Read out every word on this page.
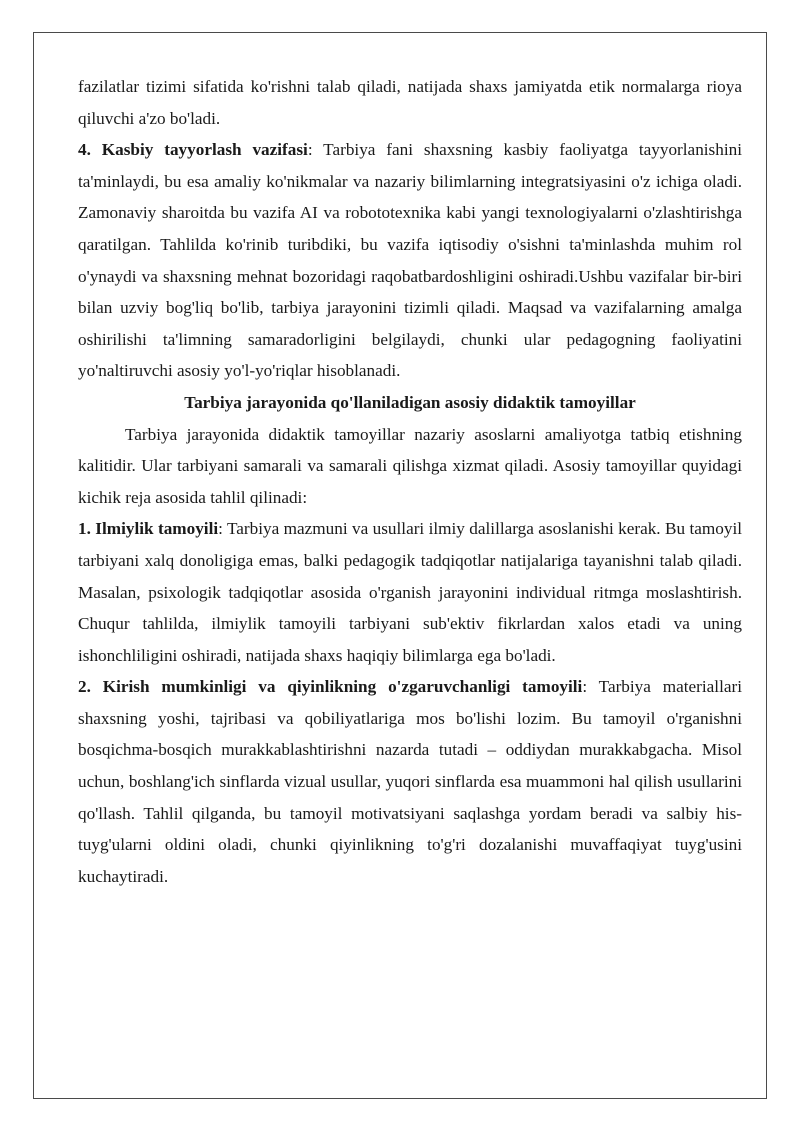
fazilatlar tizimi sifatida ko'rishni talab qiladi, natijada shaxs jamiyatda etik normalarga rioya qiluvchi a'zo bo'ladi.

4. Kasbiy tayyorlash vazifasi: Tarbiya fani shaxsning kasbiy faoliyatga tayyorlanishini ta'minlaydi, bu esa amaliy ko'nikmalar va nazariy bilimlarning integratsiyasini o'z ichiga oladi. Zamonaviy sharoitda bu vazifa AI va robototexnika kabi yangi texnologiyalarni o'zlashtirishga qaratilgan. Tahlilda ko'rinib turibdiki, bu vazifa iqtisodiy o'sishni ta'minlashda muhim rol o'ynaydi va shaxsning mehnat bozoridagi raqobatbardoshligini oshiradi.Ushbu vazifalar bir-biri bilan uzviy bog'liq bo'lib, tarbiya jarayonini tizimli qiladi. Maqsad va vazifalarning amalga oshirilishi ta'limning samaradorligini belgilaydi, chunki ular pedagogning faoliyatini yo'naltiruvchi asosiy yo'l-yo'riqlar hisoblanadi.

Tarbiya jarayonida qo'llaniladigan asosiy didaktik tamoyillar

Tarbiya jarayonida didaktik tamoyillar nazariy asoslarni amaliyotga tatbiq etishning kalitidir. Ular tarbiyani samarali va samarali qilishga xizmat qiladi. Asosiy tamoyillar quyidagi kichik reja asosida tahlil qilinadi:

1. Ilmiylik tamoyili: Tarbiya mazmuni va usullari ilmiy dalillarga asoslanishi kerak. Bu tamoyil tarbiyani xalq donoligiga emas, balki pedagogik tadqiqotlar natijalariga tayanishni talab qiladi. Masalan, psixologik tadqiqotlar asosida o'rganish jarayonini individual ritmga moslashtirish. Chuqur tahlilda, ilmiylik tamoyili tarbiyani sub'ektiv fikrlardan xalos etadi va uning ishonchliligini oshiradi, natijada shaxs haqiqiy bilimlarga ega bo'ladi.

2. Kirish mumkinligi va qiyinlikning o'zgaruvchanligi tamoyili: Tarbiya materiallari shaxsning yoshi, tajribasi va qobiliyatlariga mos bo'lishi lozim. Bu tamoyil o'rganishni bosqichma-bosqich murakkablashtirishni nazarda tutadi – oddiydan murakkabgacha. Misol uchun, boshlang'ich sinflarda vizual usullar, yuqori sinflarda esa muammoni hal qilish usullarini qo'llash. Tahlil qilganda, bu tamoyil motivatsiyani saqlashga yordam beradi va salbiy his-tuyg'ularni oldini oladi, chunki qiyinlikning to'g'ri dozalanishi muvaffaqiyat tuyg'usini kuchaytiradi.
